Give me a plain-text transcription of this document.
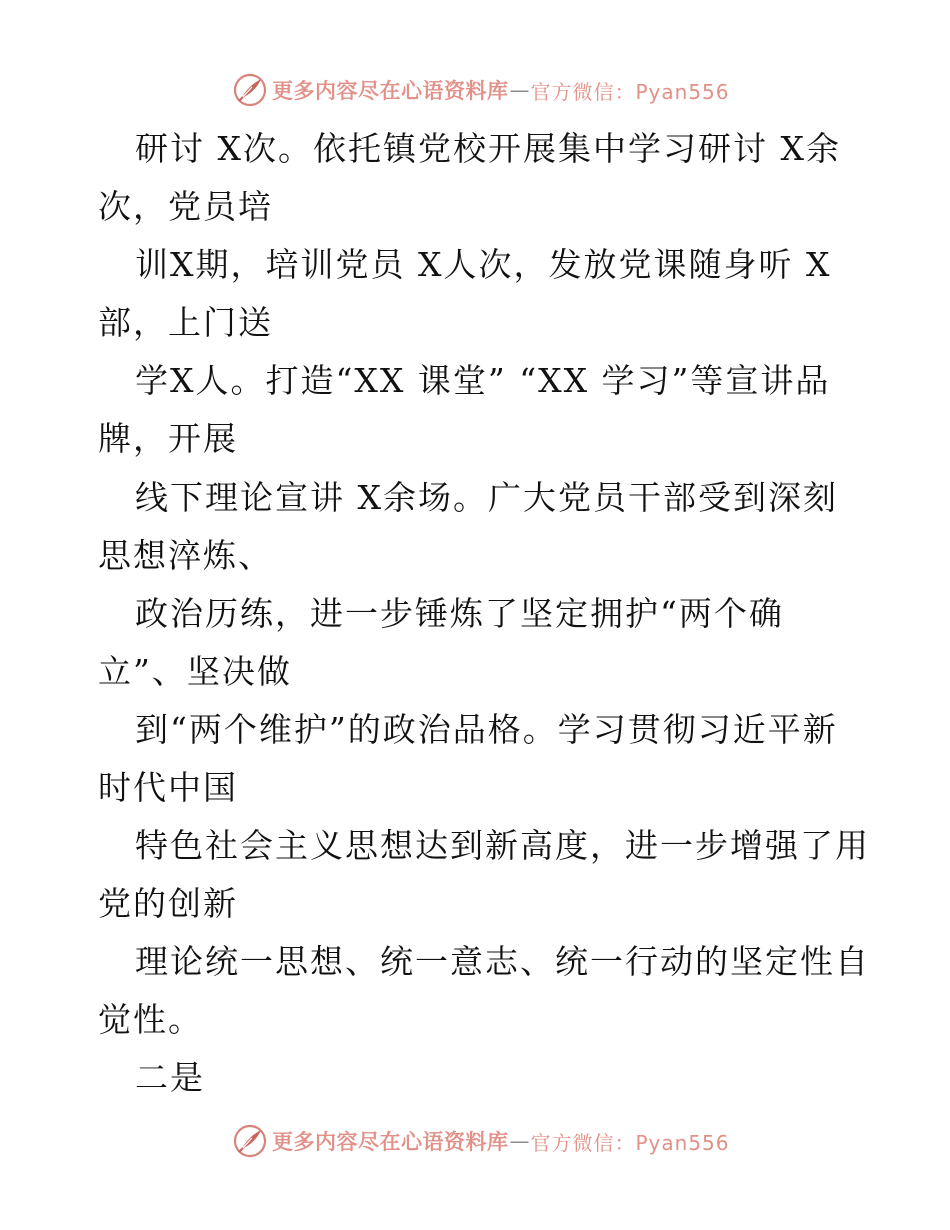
更多内容尽在心语资料库 — 官方微信：Pyan556
研讨 X次。依托镇党校开展集中学习研讨 X余
次，党员培
训X期，培训党员 X人次，发放党课随身听 X
部，上门送
学X人。打造“XX 课堂” “XX 学习”等宣讲品
牌，开展
线下理论宣讲 X余场。广大党员干部受到深刻
思想淬炼、
政治历练，进一步锤炼了坚定拥护“两个确
立”、坚决做
到“两个维护”的政治品格。学习贯彻习近平新
时代中国
特色社会主义思想达到新高度，进一步增强了用
党的创新
理论统一思想、统一意志、统一行动的坚定性自
觉性。
二是
更多内容尽在心语资料库 — 官方微信：Pyan556
